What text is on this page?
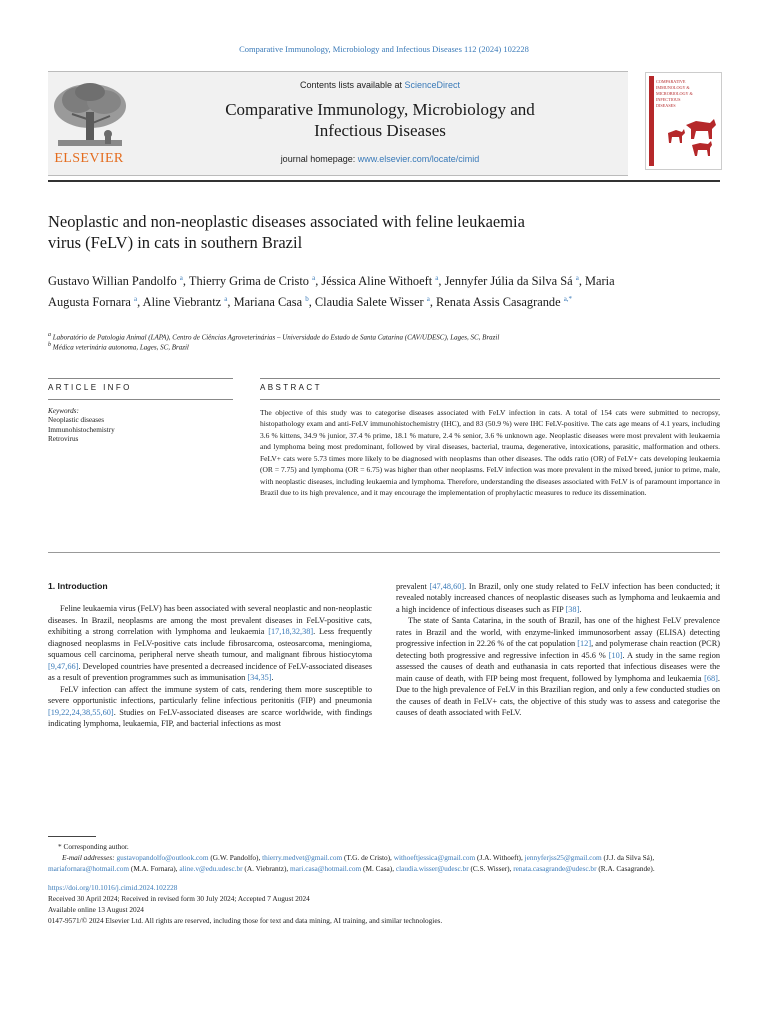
Comparative Immunology, Microbiology and Infectious Diseases 112 (2024) 102228
ELSEVIER
Contents lists available at ScienceDirect
Comparative Immunology, Microbiology and
Infectious Diseases
journal homepage: www.elsevier.com/locate/cimid
COMPARATIVE
IMMUNOLOGY &
MICROBIOLOGY &
INFECTIOUS
DISEASES
Neoplastic and non-neoplastic diseases associated with feline leukaemia
virus (FeLV) in cats in southern Brazil
Gustavo Willian Pandolfo $^a$, Thierry Grima de Cristo $^a$, Jéssica Aline Withoeft $^a$, Jennyfer Júlia da Silva Sá $^a$, Maria Augusta Fornara $^a$, Aline Viebrantz $^a$, Mariana Casa $^b$, Claudia Salete Wisser $^a$, Renata Assis Casagrande $^{a,*}$
$^a$ Laboratório de Patologia Animal (LAPA), Centro de Ciências Agroveterinárias – Universidade do Estado de Santa Catarina (CAV/UDESC), Lages, SC, Brazil
$^b$ Médica veterinária autonoma, Lages, SC, Brazil
ARTICLE INFO	ABSTRACT
Keywords:
Neoplastic diseases
Immunohistochemistry
Retrovirus
The objective of this study was to categorise diseases associated with FeLV infection in cats. A total of 154 cats were submitted to necropsy, histopathology exam and anti-FeLV immunohistochemistry (IHC), and 83 (50.9 %) were IHC FeLV-positive. The cats age means of 4.1 years, including 3.6 % kittens, 34.9 % junior, 37.4 % prime, 18.1 % mature, 2.4 % senior, 3.6 % unknown age. Neoplastic diseases were most prevalent with leukaemia and lymphoma being most predominant, followed by viral diseases, bacterial, trauma, degenerative, intoxications, parasitic, malformation and others. FeLV+ cats were 5.73 times more likely to be diagnosed with neoplasms than other diseases. The odds ratio (OR) of FeLV+ cats developing leukaemia (OR = 7.75) and lymphoma (OR = 6.75) was higher than other neoplasms. FeLV infection was more prevalent in the mixed breed, junior to prime, male, with neoplastic diseases, including leukaemia and lymphoma. Therefore, understanding the diseases associated with FeLV is of paramount importance in Brazil due to its high prevalence, and it may encourage the implementation of prophylactic measures to reduce its dissemination.

1. Introduction

Feline leukaemia virus (FeLV) has been associated with several neoplastic and non-neoplastic diseases. In Brazil, neoplasms are among the most prevalent diseases in FeLV-positive cats, exhibiting a strong correlation with lymphoma and leukaemia [17,18,32,38]. Less frequently diagnosed neoplasms in FeLV-positive cats include fibrosarcoma, osteosarcoma, meningioma, squamous cell carcinoma, peripheral nerve sheath tumour, and malignant fibrous histiocytoma [9,47,66]. Developed countries have presented a decreased incidence of FeLV-associated diseases as a result of prevention programmes such as immunisation [34,35].

FeLV infection can affect the immune system of cats, rendering them more susceptible to severe opportunistic infections, particularly feline infectious peritonitis (FIP) and pneumonia [19,22,24,38,55,60]. Studies on FeLV-associated diseases are scarce worldwide, with findings indicating lymphoma, leukaemia, FIP, and bacterial infections as most

prevalent [47,48,60]. In Brazil, only one study related to FeLV infection has been conducted; it revealed notably increased chances of neoplastic diseases such as lymphoma and leukaemia and a high incidence of infectious diseases such as FIP [38].

The state of Santa Catarina, in the south of Brazil, has one of the highest FeLV prevalence rates in Brazil and the world, with enzyme-linked immunosorbent assay (ELISA) detecting progressive infection in 22.26 % of the cat population [12], and polymerase chain reaction (PCR) detecting both progressive and regressive infection in 45.6 % [10]. A study in the same region assessed the causes of death and euthanasia in cats reported that infectious diseases were the main cause of death, with FIP being most frequent, followed by lymphoma and leukaemia [68]. Due to the high prevalence of FeLV in this Brazilian region, and only a few conducted studies on the causes of death in FeLV+ cats, the objective of this study was to assess and categorise the causes of death associated with FeLV.

* Corresponding author.

E-mail addresses: gustavopandolfo@outlook.com (G.W. Pandolfo), thierry.medvet@gmail.com (T.G. de Cristo), withoeftjessica@gmail.com (J.A. Withoeft), jennyferjss25@gmail.com (J.J. da Silva Sá), mariafornara@hotmail.com (M.A. Fornara), aline.v@edu.udesc.br (A. Viebrantz), mari.casa@hotmail.com (M. Casa), claudia.wisser@udesc.br (C.S. Wisser), renata.casagrande@udesc.br (R.A. Casagrande).

https://doi.org/10.1016/j.cimid.2024.102228

Received 30 April 2024; Received in revised form 30 July 2024; Accepted 7 August 2024

Available online 13 August 2024

0147-9571/© 2024 Elsevier Ltd. All rights are reserved, including those for text and data mining, AI training, and similar technologies.
